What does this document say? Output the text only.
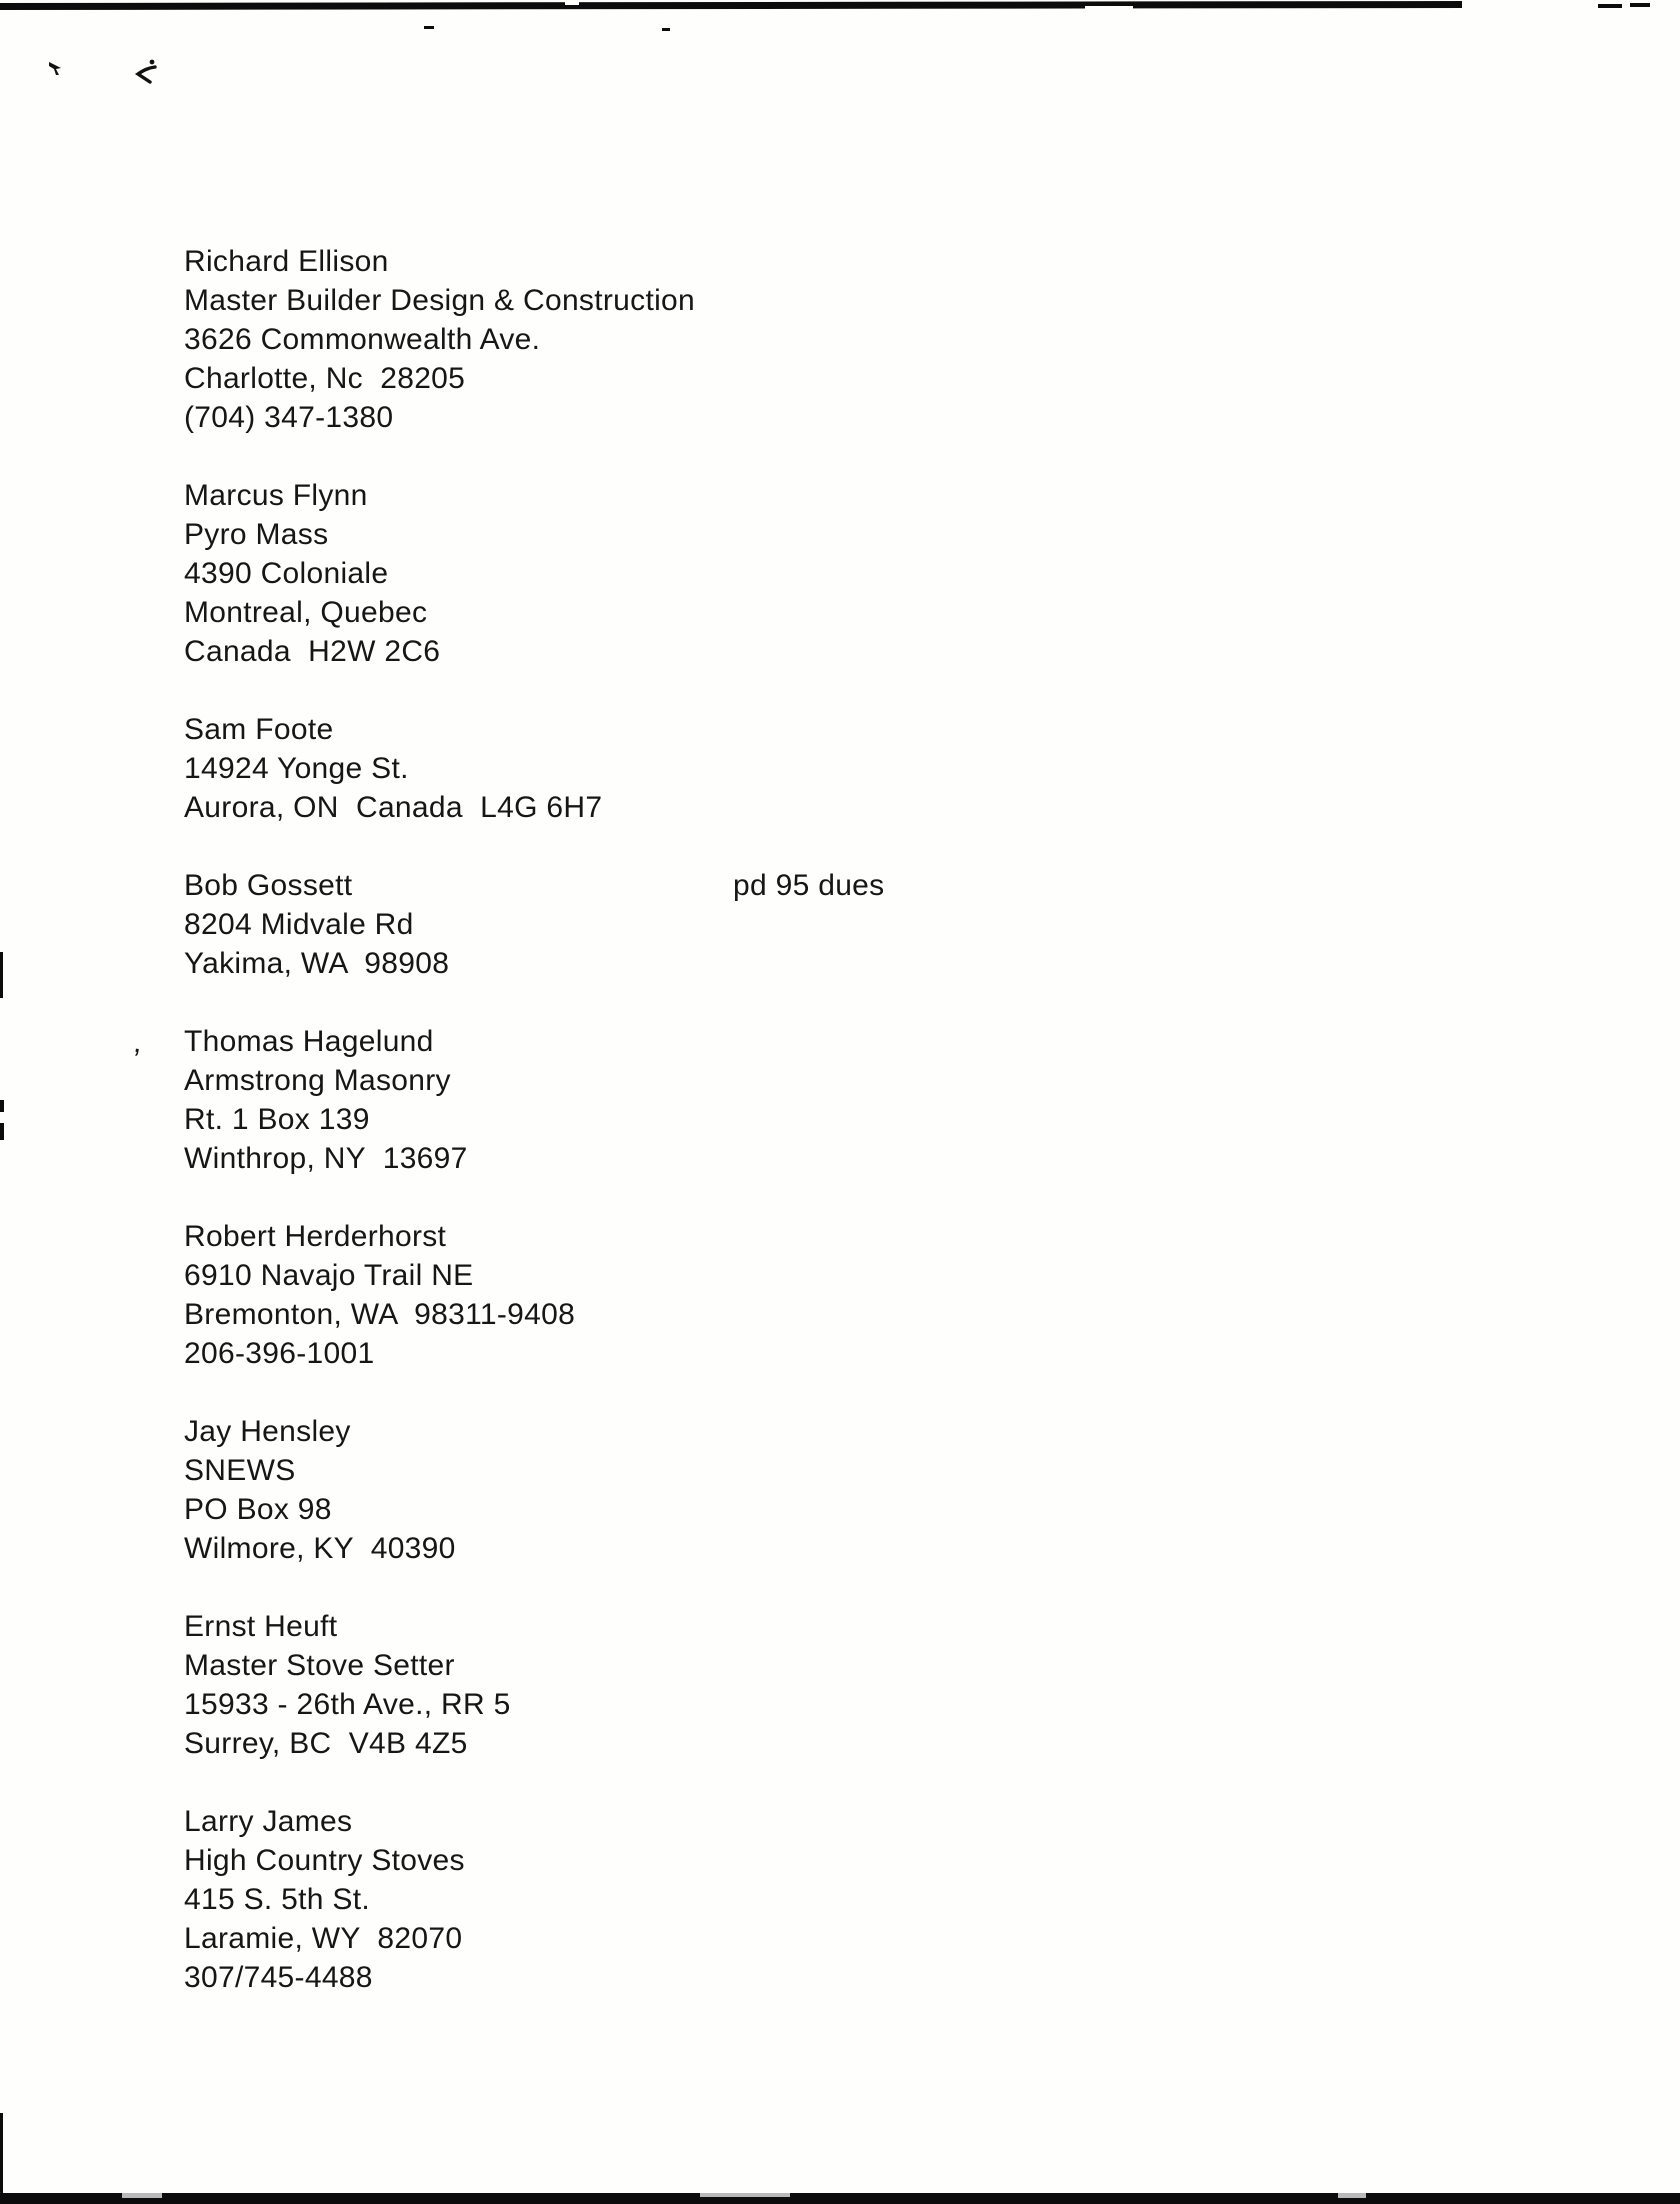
,
Richard Ellison
Master Builder Design & Construction
3626 Commonwealth Ave.
Charlotte, Nc  28205
(704) 347-1380
Marcus Flynn
Pyro Mass
4390 Coloniale
Montreal, Quebec
Canada  H2W 2C6
Sam Foote
14924 Yonge St.
Aurora, ON  Canada  L4G 6H7
Bob Gossett
8204 Midvale Rd
Yakima, WA  98908
Thomas Hagelund
Armstrong Masonry
Rt. 1 Box 139
Winthrop, NY  13697
Robert Herderhorst
6910 Navajo Trail NE
Bremonton, WA  98311-9408
206-396-1001
Jay Hensley
SNEWS
PO Box 98
Wilmore, KY  40390
Ernst Heuft
Master Stove Setter
15933 - 26th Ave., RR 5
Surrey, BC  V4B 4Z5
Larry James
High Country Stoves
415 S. 5th St.
Laramie, WY  82070
307/745-4488
pd 95 dues
